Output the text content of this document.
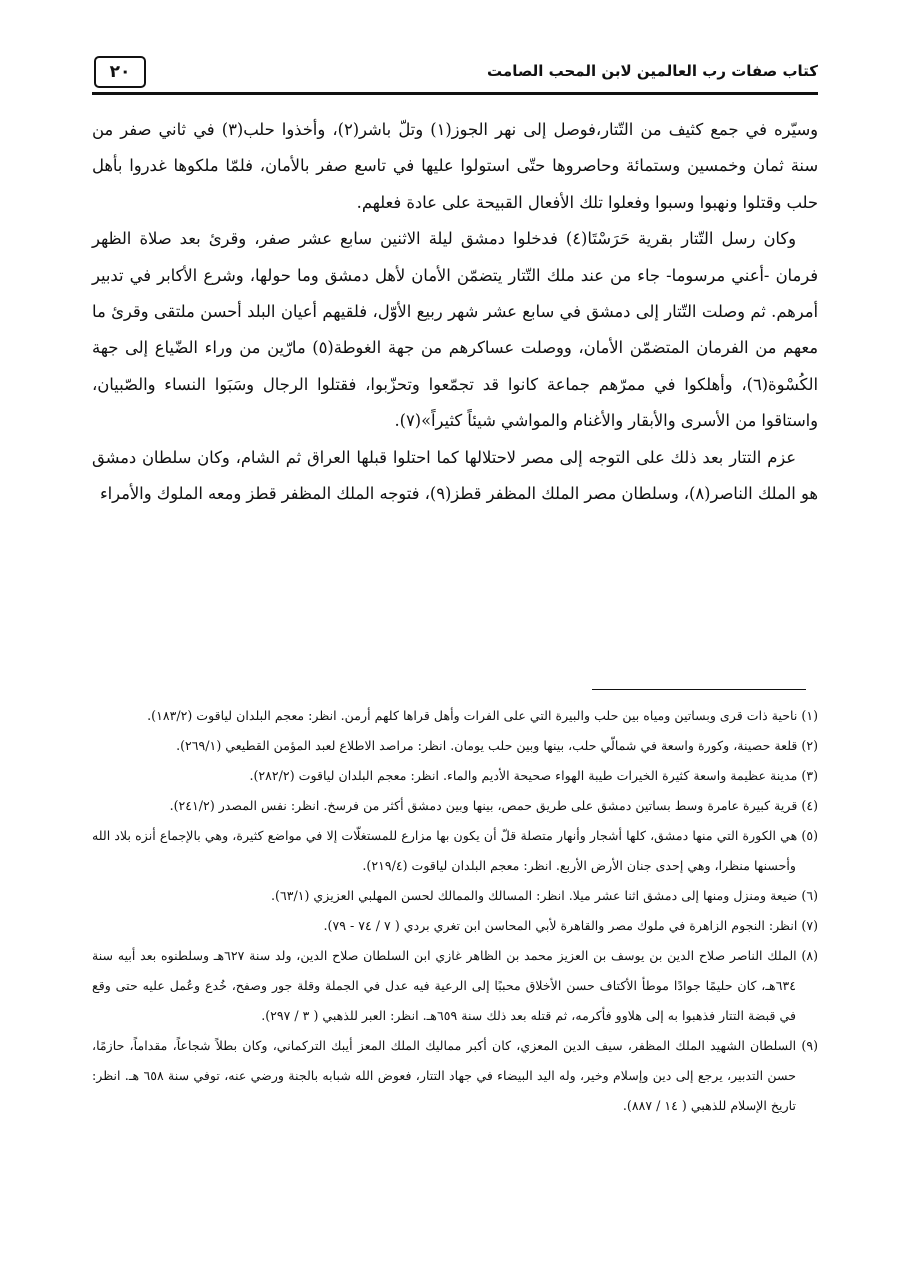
كتاب صفات رب العالمين لابن المحب الصامت
٢٠

وسيّره في جمع كثيف من التّتار،فوصل إلى نهر الجوز(١) وتلّ باشر(٢)، وأخذوا حلب(٣) في ثاني صفر من سنة ثمان وخمسين وستمائة وحاصروها حتّى استولوا عليها في تاسع صفر بالأمان، فلمّا ملكوها غدروا بأهل حلب وقتلوا ونهبوا وسبوا وفعلوا تلك الأفعال القبيحة على عادة فعلهم.

وكان رسل التّتار بقرية حَرَسْتَا(٤) فدخلوا دمشق ليلة الاثنين سابع عشر صفر، وقرئ بعد صلاة الظهر فرمان -أعني مرسوما- جاء من عند ملك التّتار يتضمّن الأمان لأهل دمشق وما حولها، وشرع الأكابر في تدبير أمرهم. ثم وصلت التّتار إلى دمشق في سابع عشر شهر ربيع الأوّل، فلقيهم أعيان البلد أحسن ملتقى وقرئ ما معهم من الفرمان المتضمّن الأمان، ووصلت عساكرهم من جهة الغوطة(٥) مارّين من وراء الضّياع إلى جهة الكُسْوة(٦)، وأهلكوا في ممرّهم جماعة كانوا قد تجمّعوا وتحزّبوا، فقتلوا الرجال وسَبَوا النساء والصّبيان، واستاقوا من الأسرى والأبقار والأغنام والمواشي شيئاً كثيراً»(٧).

عزم التتار بعد ذلك على التوجه إلى مصر لاحتلالها كما احتلوا قبلها العراق ثم الشام، وكان سلطان دمشق هو الملك الناصر(٨)، وسلطان مصر الملك المظفر قطز(٩)، فتوجه الملك المظفر قطز ومعه الملوك والأمراء

(١) ناحية ذات قرى وبساتين ومياه بين حلب والبيرة التي على الفرات وأهل قراها كلهم أرمن. انظر: معجم البلدان لياقوت (١٨٣/٢).

(٢) قلعة حصينة، وكورة واسعة في شمالّي حلب، بينها وبين حلب يومان. انظر: مراصد الاطلاع لعبد المؤمن القطيعي (٢٦٩/١).

(٣) مدينة عظيمة واسعة كثيرة الخيرات طيبة الهواء صحيحة الأديم والماء. انظر: معجم البلدان لياقوت (٢٨٢/٢).

(٤) قرية كبيرة عامرة وسط بساتين دمشق على طريق حمص، بينها وبين دمشق أكثر من فرسخ. انظر: نفس المصدر (٢٤١/٢).

(٥) هي الكورة التي منها دمشق، كلها أشجار وأنهار متصلة قلّ أن يكون بها مزارع للمستغلّات إلا في مواضع كثيرة، وهي بالإجماع أنزه بلاد الله وأحسنها منظرا، وهي إحدى جنان الأرض الأربع. انظر: معجم البلدان لياقوت (٢١٩/٤).

(٦) ضيعة ومنزل ومنها إلى دمشق اثنا عشر ميلا. انظر: المسالك والممالك لحسن المهلبي العزيزي (٦٣/١).

(٧) انظر: النجوم الزاهرة في ملوك مصر والقاهرة لأبي المحاسن ابن تغري بردي ( ٧ / ٧٤ - ٧٩).

(٨) الملك الناصر صلاح الدين بن يوسف بن العزيز محمد بن الظاهر غازي ابن السلطان صلاح الدين، ولد سنة ٦٢٧هـ وسلطنوه بعد أبيه سنة ٦٣٤هـ، كان حليمًا جوادًا موطأ الأكتاف حسن الأخلاق محببًا إلى الرعية فيه عدل في الجملة وقلة جور وصفح، خُدع وعُمل عليه حتى وقع في قبضة التتار فذهبوا به إلى هلاوو فأكرمه، ثم قتله بعد ذلك سنة ٦٥٩هـ. انظر: العبر للذهبي ( ٣ / ٢٩٧).

(٩) السلطان الشهيد الملك المظفر، سيف الدين المعزي، كان أكبر مماليك الملك المعز أيبك التركماني، وكان بطلاً شجاعاً، مقداماً، حازمًا، حسن التدبير، يرجع إلى دين وإسلام وخير، وله اليد البيضاء في جهاد التتار، فعوض الله شبابه بالجنة ورضي عنه، توفي سنة ٦٥٨ هـ. انظر: تاريخ الإسلام للذهبي ( ١٤ / ٨٨٧).
